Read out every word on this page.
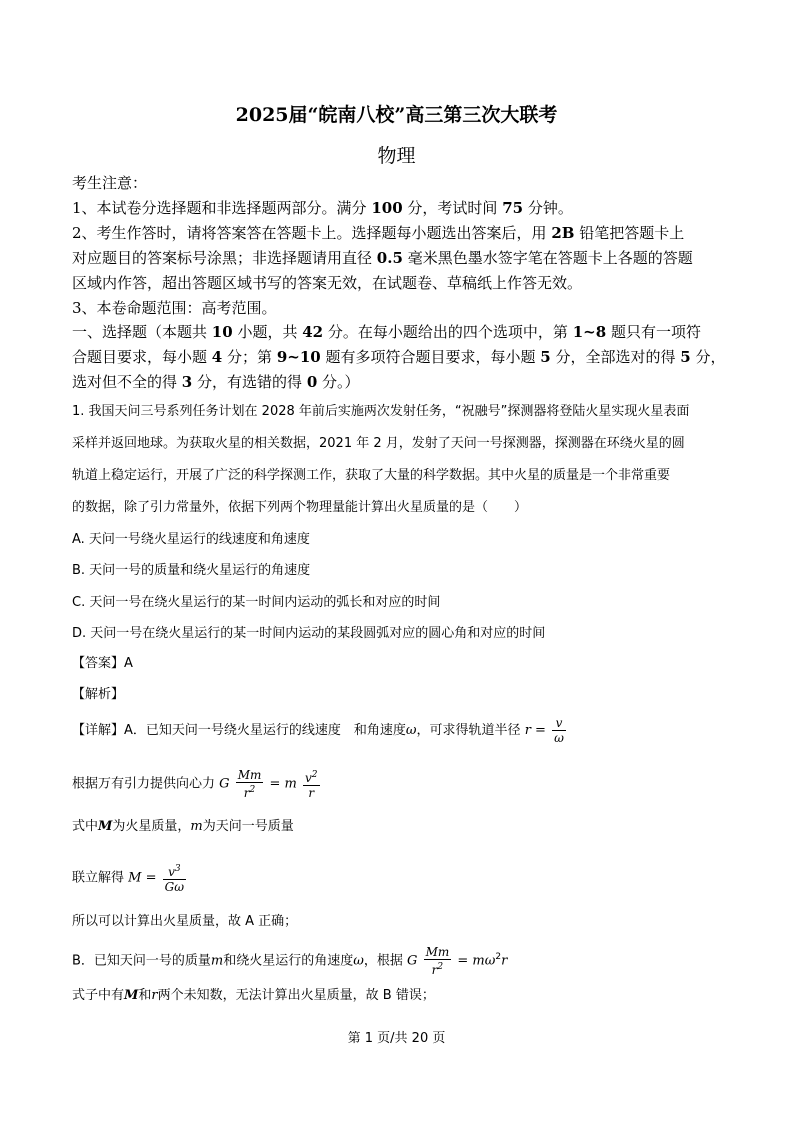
2025届“皖南八校”高三第三次大联考
物理
考生注意：
1、本试卷分选择题和非选择题两部分。满分 100 分，考试时间 75 分钟。
2、考生作答时，请将答案答在答题卡上。选择题每小题选出答案后，用 2B 铅笔把答题卡上
对应题目的答案标号涂黑；非选择题请用直径 0.5 毫米黑色墨水签字笔在答题卡上各题的答题
区域内作答，超出答题区域书写的答案无效，在试题卷、草稿纸上作答无效。
3、本卷命题范围：高考范围。
一、选择题（本题共 10 小题，共 42 分。在每小题给出的四个选项中，第 1~8 题只有一项符
合题目要求，每小题 4 分；第 9~10 题有多项符合题目要求，每小题 5 分，全部选对的得 5 分，
选对但不全的得 3 分，有选错的得 0 分。）
1. 我国天问三号系列任务计划在 2028 年前后实施两次发射任务，“祝融号”探测器将登陆火星实现火星表面
采样并返回地球。为获取火星的相关数据，2021 年 2 月，发射了天问一号探测器，探测器在环绕火星的圆
轨道上稳定运行，开展了广泛的科学探测工作，获取了大量的科学数据。其中火星的质量是一个非常重要
的数据，除了引力常量外，依据下列两个物理量能计算出火星质量的是（　　）
A. 天问一号绕火星运行的线速度和角速度
B. 天问一号的质量和绕火星运行的角速度
C. 天问一号在绕火星运行的某一时间内运动的弧长和对应的时间
D. 天问一号在绕火星运行的某一时间内运动的某段圆弧对应的圆心角和对应的时间
【答案】A
【解析】
【详解】A．已知天问一号绕火星运行的线速度　和角速度ω，可求得轨道半径 $r = \frac{v}{\omega}$
根据万有引力提供向心力 G $\frac{Mm}{r^2} = m \frac{v^2}{r}$
式中M为火星质量，m为天问一号质量
联立解得 $M = \frac{v^3}{G\omega}$
所以可以计算出火星质量，故 A 正确；
B．已知天问一号的质量m和绕火星运行的角速度ω，根据 G $\frac{Mm}{r^2} = m\omega^2r$
式子中有M和r两个未知数，无法计算出火星质量，故 B 错误；
第 1 页/共 20 页
